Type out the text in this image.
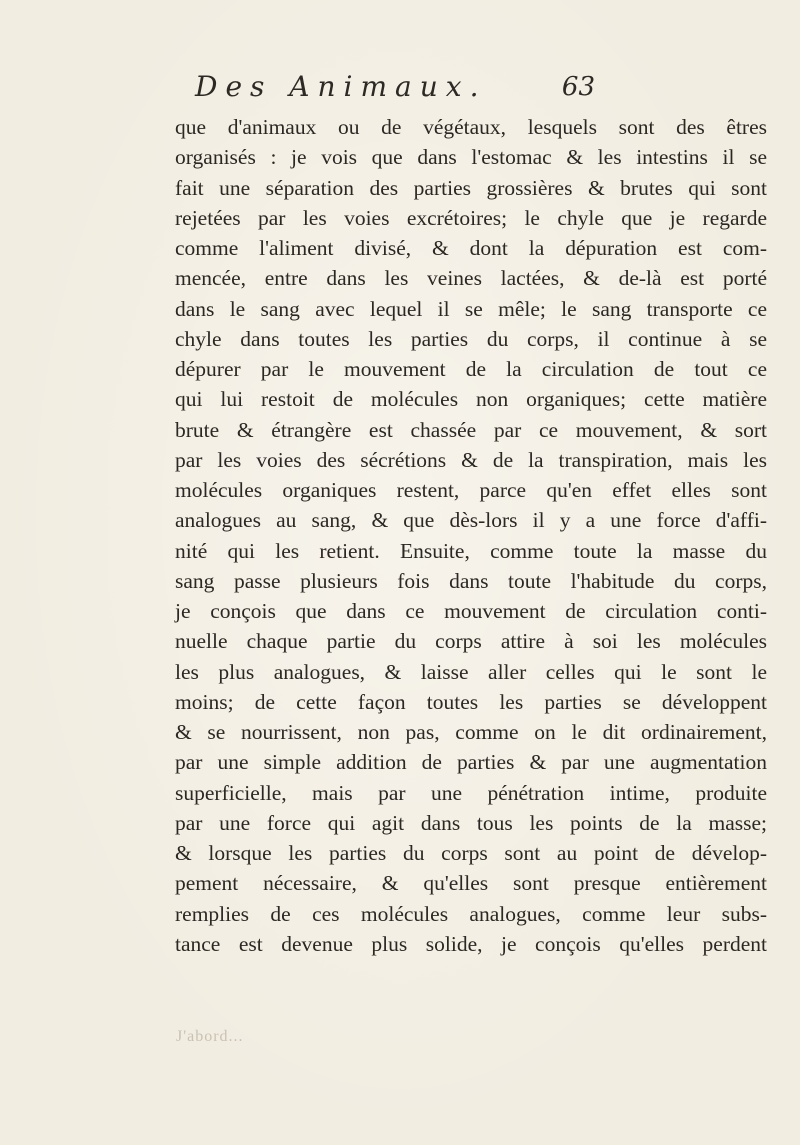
Des Animaux.	63
que d'animaux ou de végétaux, lesquels sont des êtres
organisés : je vois que dans l'estomac & les intestins il se
fait une séparation des parties grossières & brutes qui sont
rejetées par les voies excrétoires; le chyle que je regarde
comme l'aliment divisé, & dont la dépuration est com-
mencée, entre dans les veines lactées, & de-là est porté
dans le sang avec lequel il se mêle; le sang transporte ce
chyle dans toutes les parties du corps, il continue à se
dépurer par le mouvement de la circulation de tout ce
qui lui restoit de molécules non organiques; cette matière
brute & étrangère est chassée par ce mouvement, & sort
par les voies des sécrétions & de la transpiration, mais les
molécules organiques restent, parce qu'en effet elles sont
analogues au sang, & que dès-lors il y a une force d'affi-
nité qui les retient. Ensuite, comme toute la masse du
sang passe plusieurs fois dans toute l'habitude du corps,
je conçois que dans ce mouvement de circulation conti-
nuelle chaque partie du corps attire à soi les molécules
les plus analogues, & laisse aller celles qui le sont le
moins; de cette façon toutes les parties se développent
& se nourrissent, non pas, comme on le dit ordinairement,
par une simple addition de parties & par une augmentation
superficielle, mais par une pénétration intime, produite
par une force qui agit dans tous les points de la masse;
& lorsque les parties du corps sont au point de dévelop-
pement nécessaire, & qu'elles sont presque entièrement
remplies de ces molécules analogues, comme leur subs-
tance est devenue plus solide, je conçois qu'elles perdent
J'abord...
